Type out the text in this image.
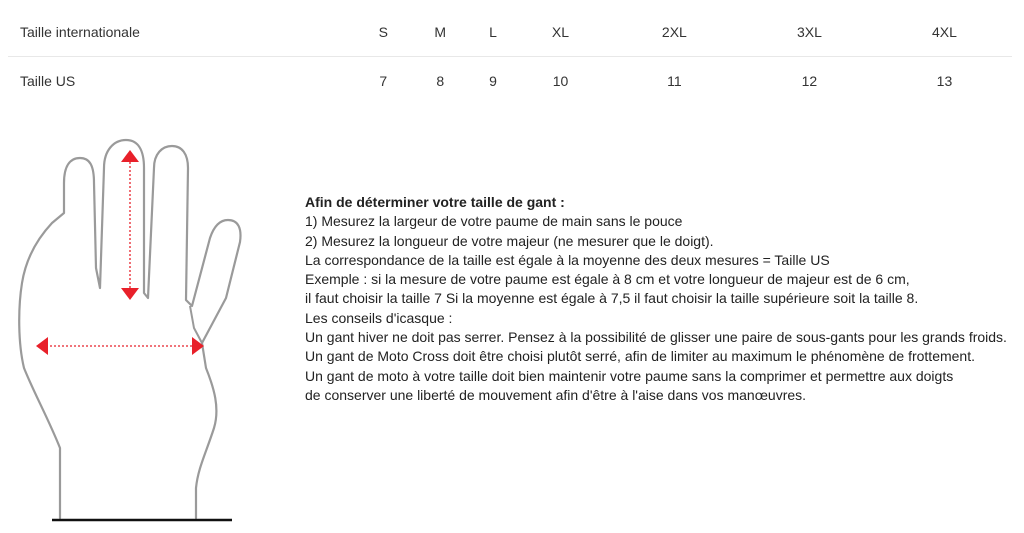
Taille internationale	S	M	L	XL	2XL	3XL	4XL
Taille US	7	8	9	10	11	12	13

Afin de déterminer votre taille de gant :

1) Mesurez la largeur de votre paume de main sans le pouce

2) Mesurez la longueur de votre majeur (ne mesurer que le doigt).

La correspondance de la taille est égale à la moyenne des deux mesures = Taille US

Exemple : si la mesure de votre paume est égale à 8 cm et votre longueur de majeur est de 6 cm,

il faut choisir la taille 7 Si la moyenne est égale à 7,5 il faut choisir la taille supérieure soit la taille 8.

Les conseils d'icasque :

Un gant hiver ne doit pas serrer. Pensez à la possibilité de glisser une paire de sous-gants pour les grands froids.

Un gant de Moto Cross doit être choisi plutôt serré, afin de limiter au maximum le phénomène de frottement.

Un gant de moto à votre taille doit bien maintenir votre paume sans la comprimer et permettre aux doigts

de conserver une liberté de mouvement afin d'être à l'aise dans vos manœuvres.
